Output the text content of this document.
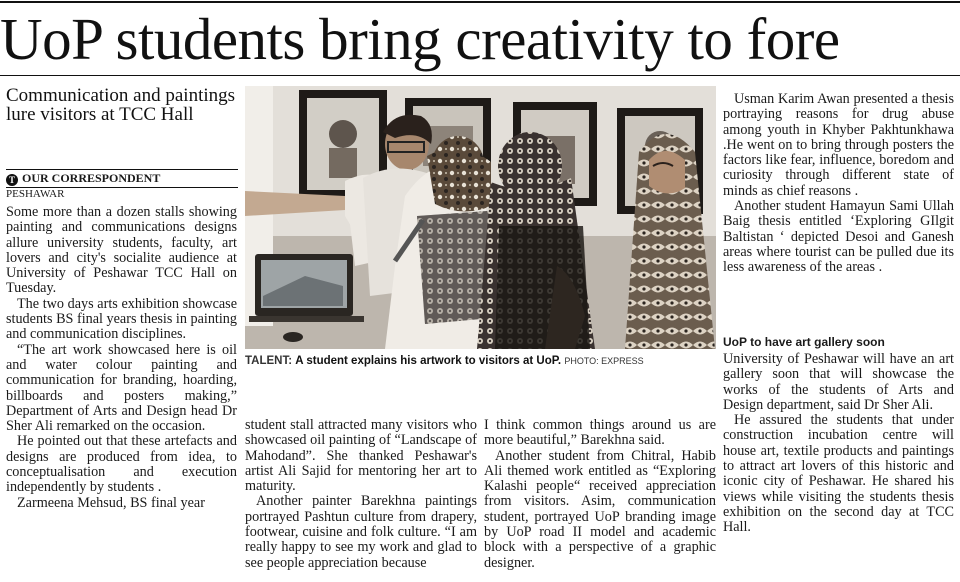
UoP students bring creativity to fore
Communication and paintings lure visitors at TCC Hall
T OUR CORRESPONDENT
PESHAWAR

Some more than a dozen stalls showing painting and communications designs allure university students, faculty, art lovers and city's socialite audience at University of Peshawar TCC Hall on Tuesday.

The two days arts exhibition showcase students BS final years thesis in painting and communication disciplines.

“The art work showcased here is oil and water colour painting and communication for branding, hoarding, billboards and posters making,” Department of Arts and Design head Dr Sher Ali remarked on the occasion.

He pointed out that these artefacts and designs are produced from idea, to conceptualisation and execution independently by students .

Zarmeena Mehsud, BS final year

TALENT: A student explains his artwork to visitors at UoP. PHOTO: EXPRESS

student stall attracted many visitors who showcased oil painting of “Landscape of Mahodand”. She thanked Peshawar's artist Ali Sajid for mentoring her art to maturity.

Another painter Barekhna paintings portrayed Pashtun culture from drapery, footwear, cuisine and folk culture. “I am really happy to see my work and glad to see people appreciation because

I think common things around us are more beautiful,” Barekhna said.

Another student from Chitral, Habib Ali themed work entitled as “Exploring Kalashi people“ received appreciation from visitors. Asim, communication student, portrayed UoP branding image by UoP road II model and academic block with a perspective of a graphic designer.

Usman Karim Awan presented a thesis portraying reasons for drug abuse among youth in Khyber Pakhtunkhawa .He went on to bring through posters the factors like fear, influence, boredom and curiosity through different state of minds as chief reasons .

Another student Hamayun Sami Ullah Baig thesis entitled ‘Exploring GIlgit Baltistan ‘ depicted Desoi and Ganesh areas where tourist can be pulled due its less awareness of the areas .

UoP to have art gallery soon

University of Peshawar will have an art gallery soon that will showcase the works of the students of Arts and Design department, said Dr Sher Ali.

He assured the students that under construction incubation centre will house art, textile products and paintings to attract art lovers of this historic and iconic city of Peshawar. He shared his views while visiting the students thesis exhibition on the second day at TCC Hall.
